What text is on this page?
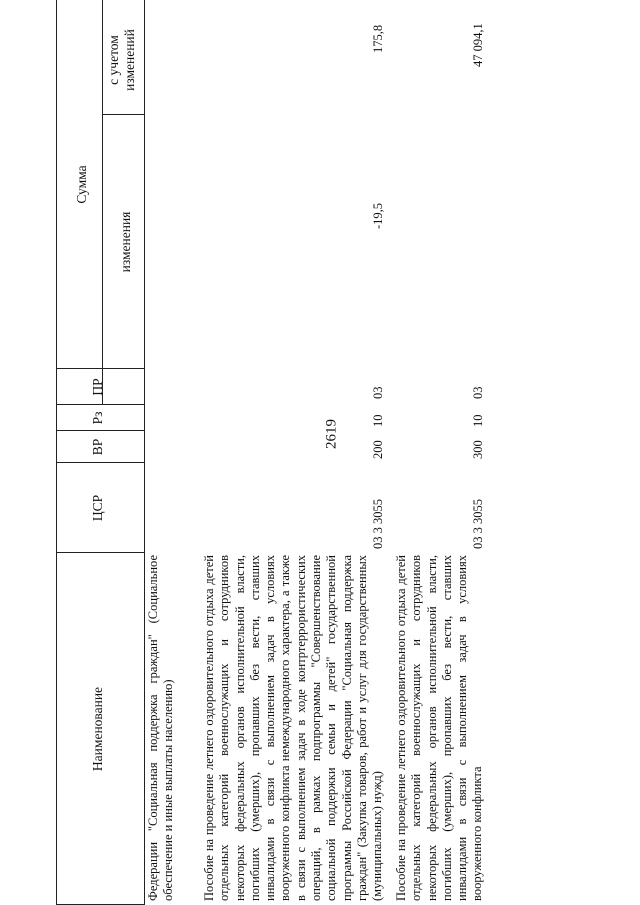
2619
Наименование
ЦСР
ВР
Рз
ПР
Сумма
изменения
с учетом изменений
Федерации "Социальная поддержка граждан" (Социальное обеспечение и иные выплаты населению) Пособие на проведение летнего оздоровительного отдыха детей отдельных категорий военнослужащих и сотрудников некоторых федеральных органов исполнительной власти, погибших (умерших), пропавших без вести, ставших инвалидами в связи с выполнением задач в условиях вооруженного конфликта немеждународного характера, а также в связи с выполнением задач в ходе контртеррористических операций, в рамках подпрограммы "Совершенствование социальной поддержки семьи и детей" государственной программы Российской Федерации "Социальная поддержка граждан" (Закупка товаров, работ и услуг для государственных (муниципальных) нужд)
03 3 3055
200
10
03
-19,5
175,8
Пособие на проведение летнего оздоровительного отдыха детей отдельных категорий военнослужащих и сотрудников некоторых федеральных органов исполнительной власти, погибших (умерших), пропавших без вести, ставших инвалидами в связи с выполнением задач в условиях вооруженного конфликта
03 3 3055
300
10
03
47 094,1
